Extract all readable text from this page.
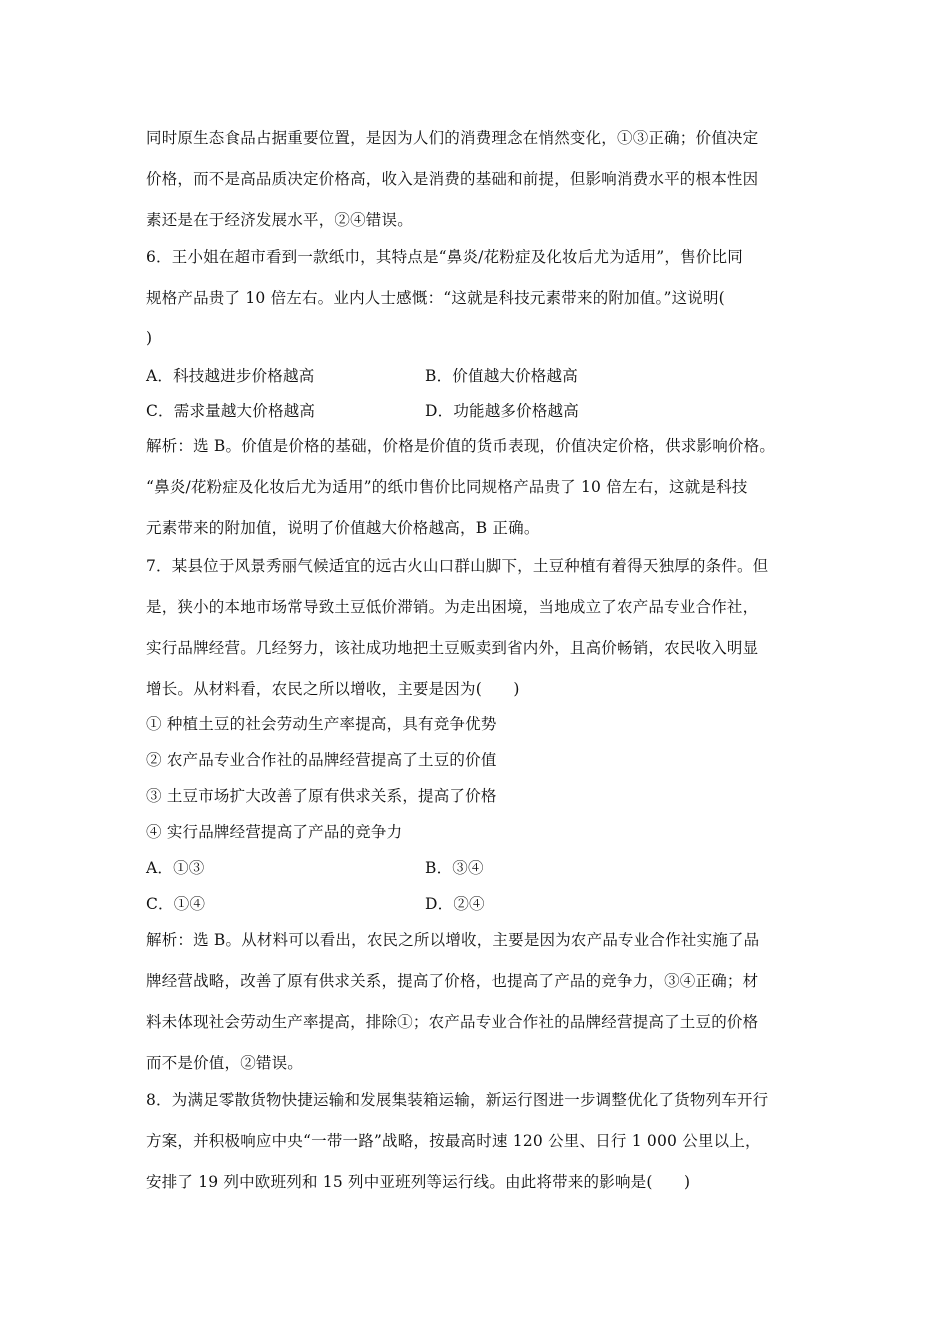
同时原生态食品占据重要位置，是因为人们的消费理念在悄然变化，①③正确；价值决定
价格，而不是高品质决定价格高，收入是消费的基础和前提，但影响消费水平的根本性因
素还是在于经济发展水平，②④错误。
6．王小姐在超市看到一款纸巾，其特点是“鼻炎/花粉症及化妆后尤为适用”，售价比同
规格产品贵了 10 倍左右。业内人士感慨：“这就是科技元素带来的附加值。”这说明(
)
A．科技越进步价格越高	B．价值越大价格越高
C．需求量越大价格越高	D．功能越多价格越高
解析：选 B。价值是价格的基础，价格是价值的货币表现，价值决定价格，供求影响价格。
“鼻炎/花粉症及化妆后尤为适用”的纸巾售价比同规格产品贵了 10 倍左右，这就是科技
元素带来的附加值，说明了价值越大价格越高，B 正确。
7．某县位于风景秀丽气候适宜的远古火山口群山脚下，土豆种植有着得天独厚的条件。但
是，狭小的本地市场常导致土豆低价滞销。为走出困境，当地成立了农产品专业合作社，
实行品牌经营。几经努力，该社成功地把土豆贩卖到省内外，且高价畅销，农民收入明显
增长。从材料看，农民之所以增收，主要是因为(　　)
① 种植土豆的社会劳动生产率提高，具有竞争优势
② 农产品专业合作社的品牌经营提高了土豆的价值
③ 土豆市场扩大改善了原有供求关系，提高了价格
④ 实行品牌经营提高了产品的竞争力
A．①③	B．③④
C．①④	D．②④
解析：选 B。从材料可以看出，农民之所以增收，主要是因为农产品专业合作社实施了品
牌经营战略，改善了原有供求关系，提高了价格，也提高了产品的竞争力，③④正确；材
料未体现社会劳动生产率提高，排除①；农产品专业合作社的品牌经营提高了土豆的价格
而不是价值，②错误。
8．为满足零散货物快捷运输和发展集装箱运输，新运行图进一步调整优化了货物列车开行
方案，并积极响应中央“一带一路”战略，按最高时速 120 公里、日行 1 000 公里以上，
安排了 19 列中欧班列和 15 列中亚班列等运行线。由此将带来的影响是(　　)
